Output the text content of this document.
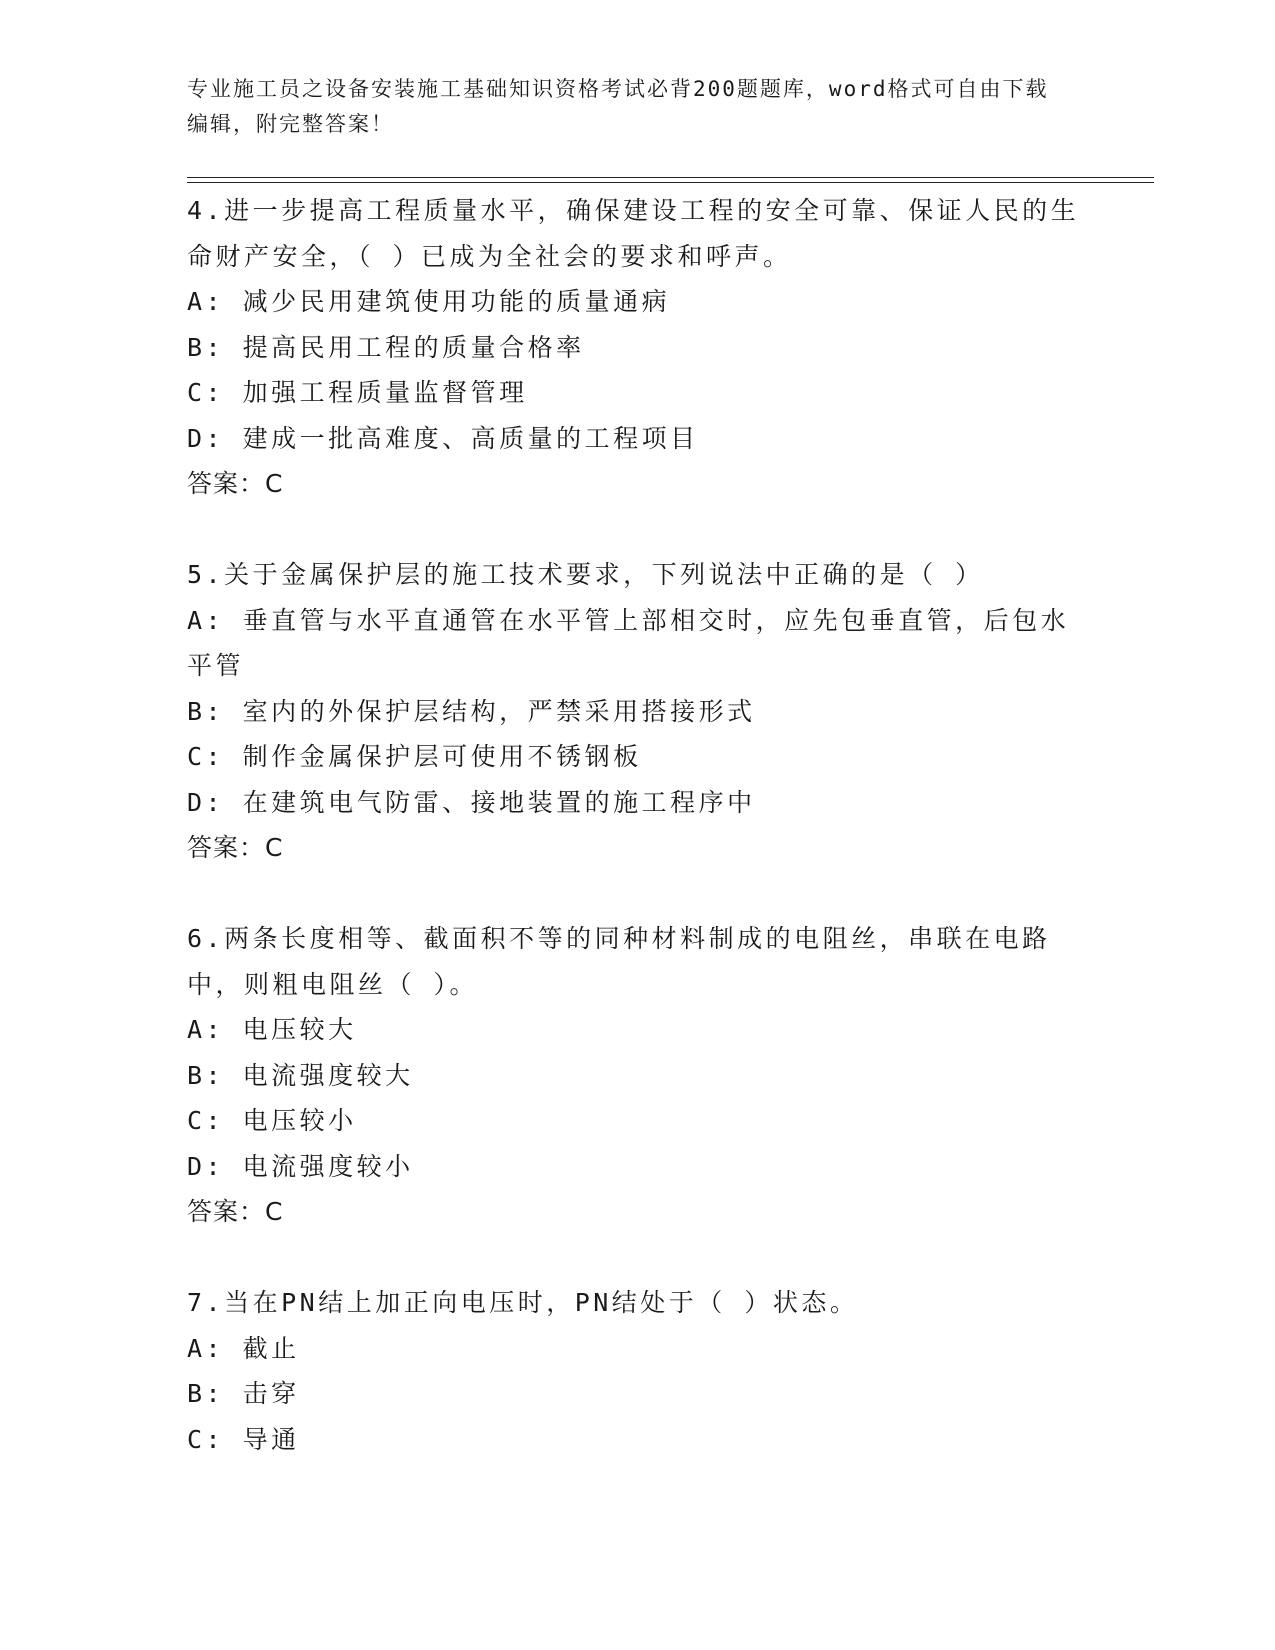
专业施工员之设备安装施工基础知识资格考试必背200题题库，word格式可自由下载编辑，附完整答案！
4.进一步提高工程质量水平，确保建设工程的安全可靠、保证人民的生命财产安全，（ ）已成为全社会的要求和呼声。
A: 减少民用建筑使用功能的质量通病
B: 提高民用工程的质量合格率
C: 加强工程质量监督管理
D: 建成一批高难度、高质量的工程项目
答案：C
5.关于金属保护层的施工技术要求，下列说法中正确的是（ ）
A: 垂直管与水平直通管在水平管上部相交时，应先包垂直管，后包水平管
B: 室内的外保护层结构，严禁采用搭接形式
C: 制作金属保护层可使用不锈钢板
D: 在建筑电气防雷、接地装置的施工程序中
答案：C
6.两条长度相等、截面积不等的同种材料制成的电阻丝，串联在电路中，则粗电阻丝（ ）。
A: 电压较大
B: 电流强度较大
C: 电压较小
D: 电流强度较小
答案：C
7.当在PN结上加正向电压时，PN结处于（ ）状态。
A: 截止
B: 击穿
C: 导通
